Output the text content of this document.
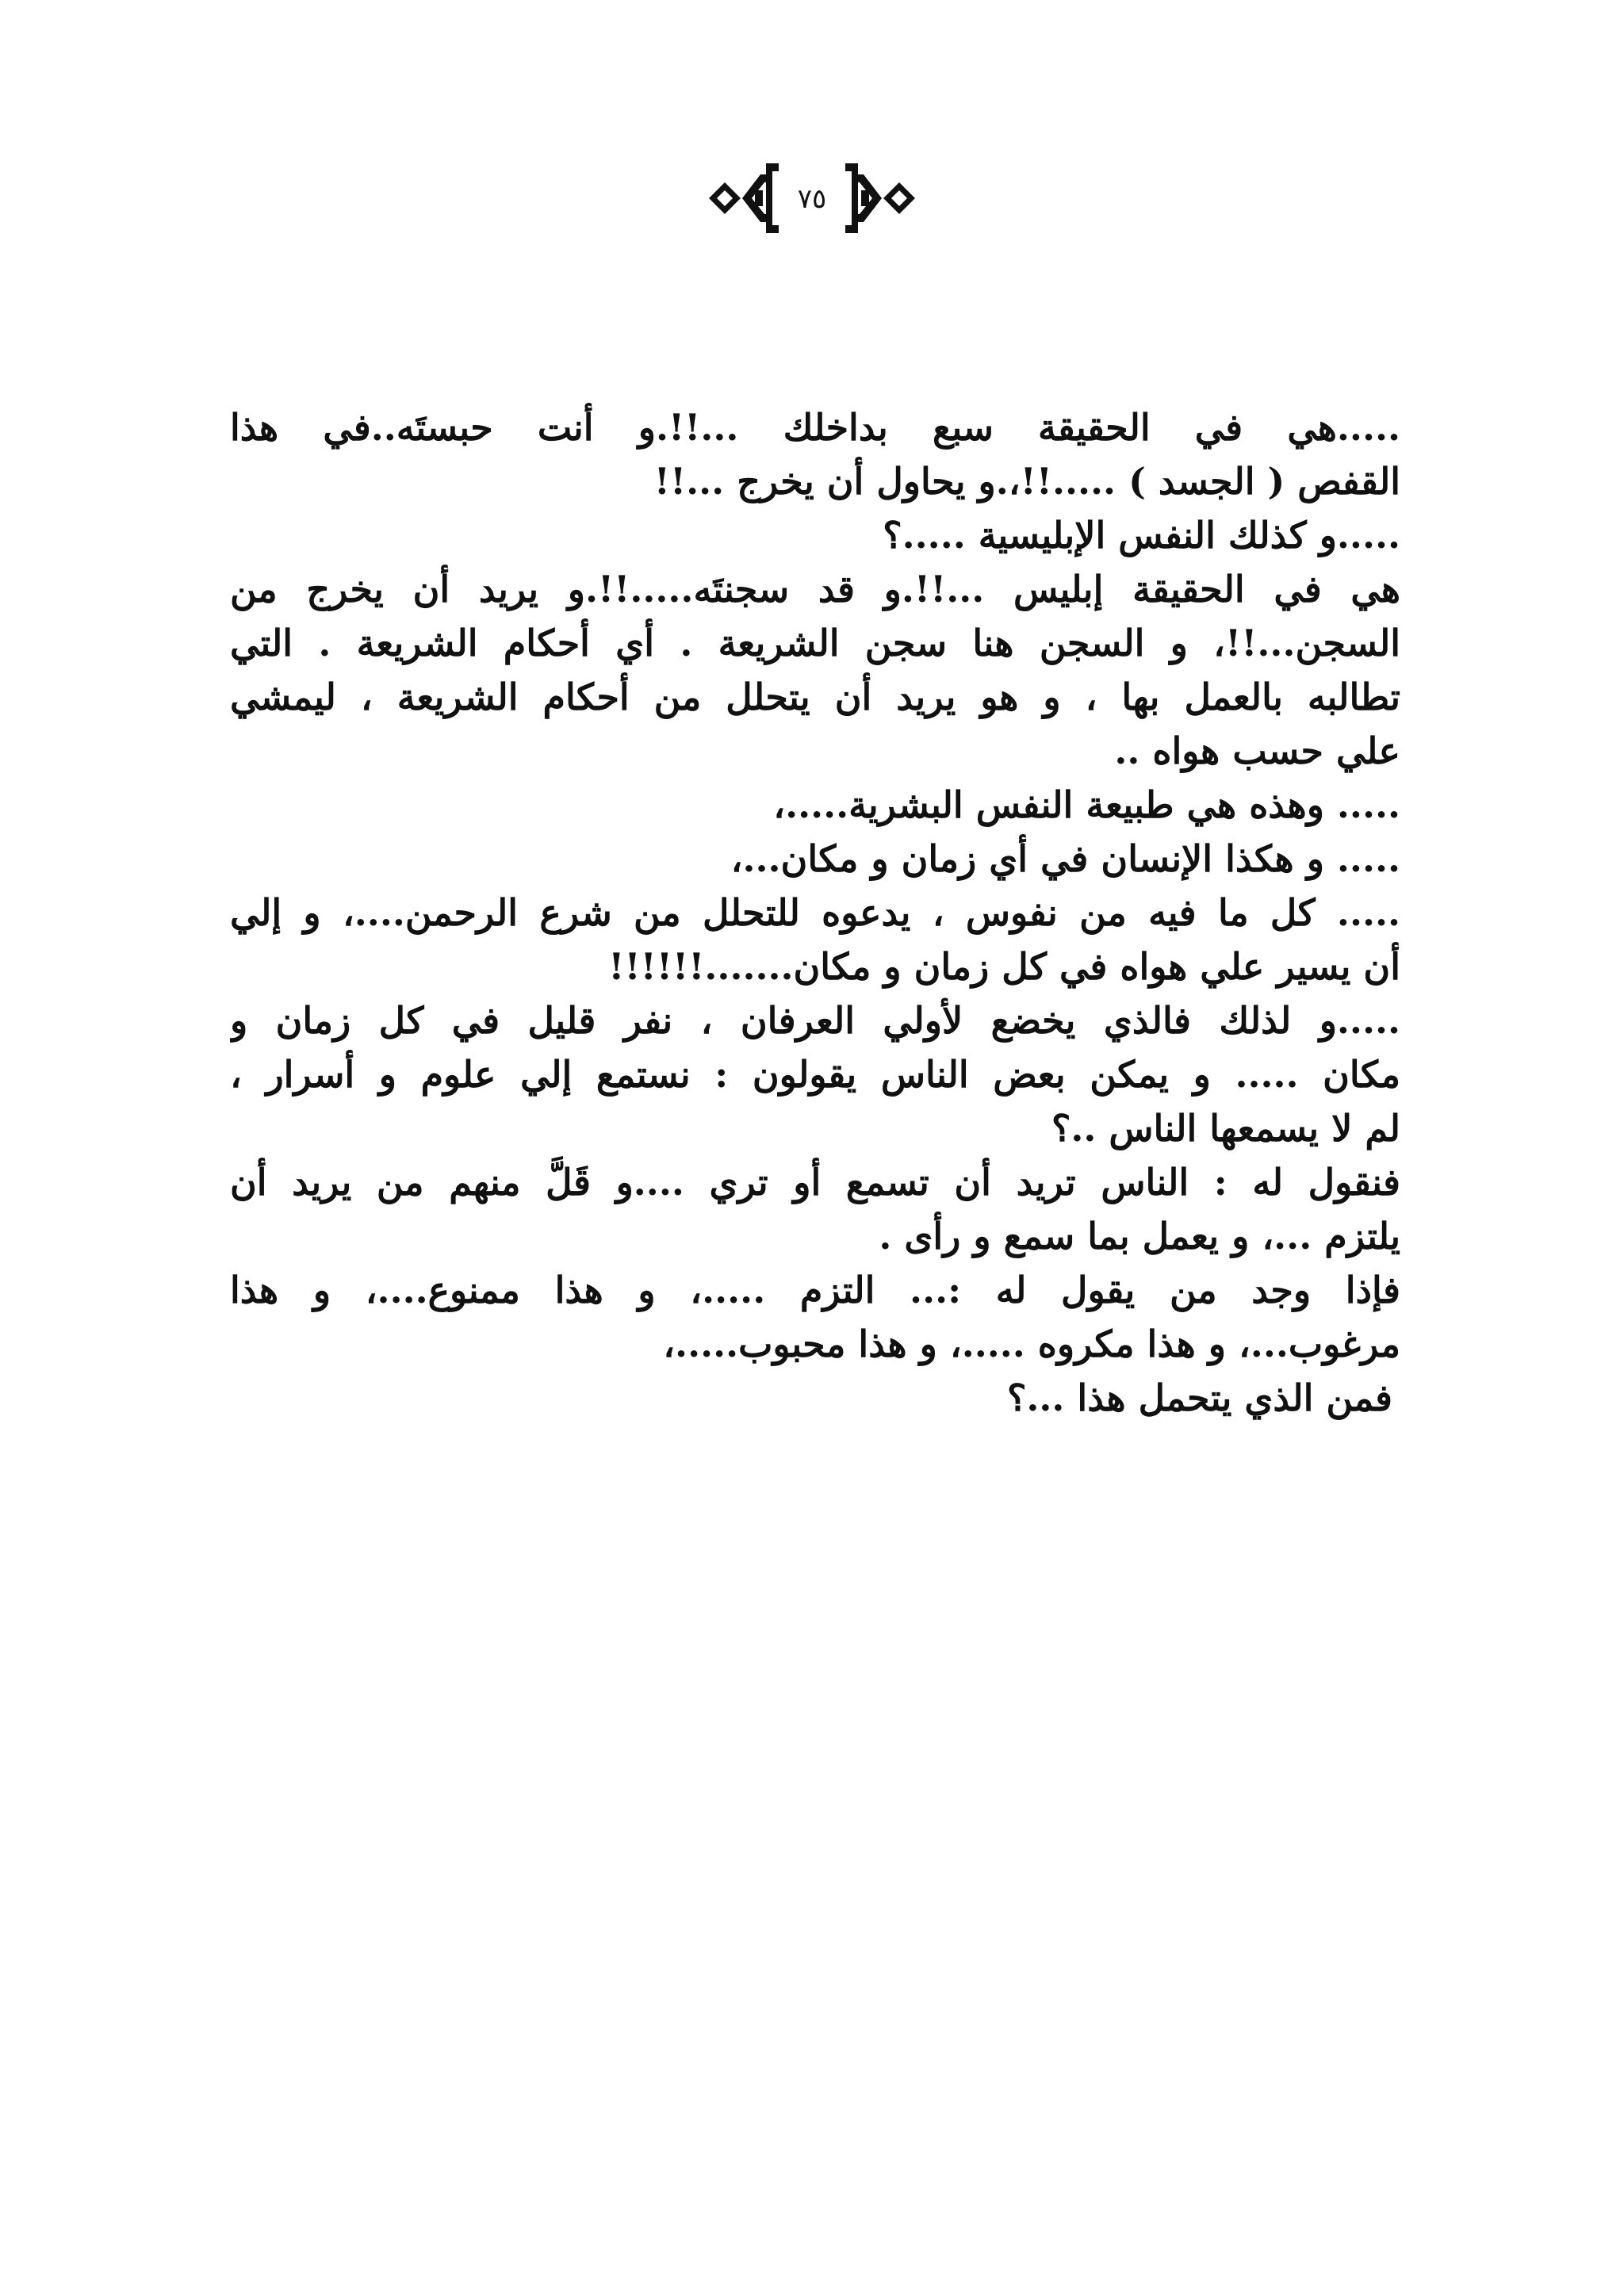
٧٥
.....هي في الحقيقة سبع بداخلك ...!!.و أنت حبستَه..في هذا
القفص ( الجسد ) .....!!،.و يحاول أن يخرج ...!!
.....و كذلك النفس الإبليسية .....؟
هي في الحقيقة إبليس ...!!.و قد سجنتَه.....!!.و يريد أن يخرج من
السجن...!!، و السجن هنا سجن الشريعة . أي أحكام الشريعة . التي
تطالبه بالعمل بها ، و هو يريد أن يتحلل من أحكام الشريعة ، ليمشي
علي حسب هواه ..
..... وهذه هي طبيعة النفس البشرية.....،
..... و هكذا الإنسان في أي زمان و مكان...،
..... كل ما فيه من نفوس ، يدعوه للتحلل من شرع الرحمن....، و إلي
أن يسير علي هواه في كل زمان و مكان.......!!!!!!
.....و لذلك فالذي يخضع لأولي العرفان ، نفر قليل في كل زمان و
مكان ..... و يمكن بعض الناس يقولون : نستمع إلي علوم و أسرار ،
لم لا يسمعها الناس ..؟
فنقول له : الناس تريد أن تسمع أو تري ....و قَلَّ منهم من يريد أن
يلتزم ...، و يعمل بما سمع و رأى .
فإذا وجد من يقول له :... التزم .....، و هذا ممنوع....، و هذا
مرغوب...، و هذا مكروه .....، و هذا محبوب.....،
فمن الذي يتحمل هذا ...؟
